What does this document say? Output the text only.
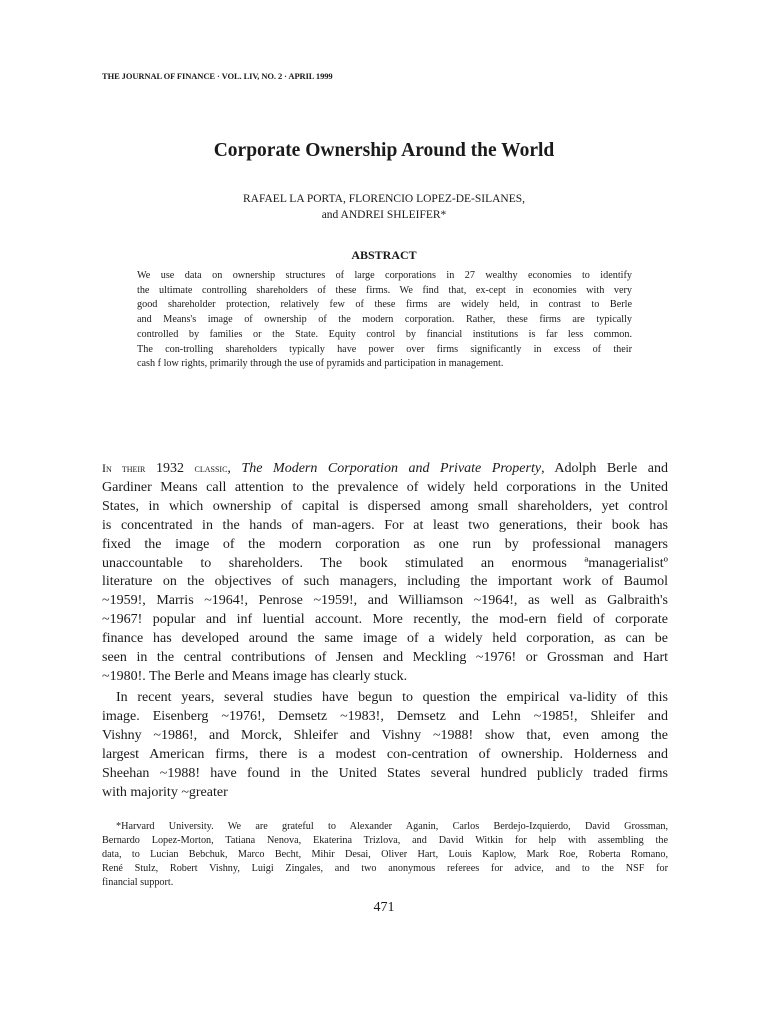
THE JOURNAL OF FINANCE · VOL. LIV, NO. 2 · APRIL 1999
Corporate Ownership Around the World
RAFAEL LA PORTA, FLORENCIO LOPEZ-DE-SILANES,
and ANDREI SHLEIFER*
ABSTRACT
We use data on ownership structures of large corporations in 27 wealthy economies to identify
the ultimate controlling shareholders of these firms. We find that, ex-cept in economies with very
good shareholder protection, relatively few of these firms are widely held, in contrast to Berle
and Means's image of ownership of the modern corporation. Rather, these firms are typically
controlled by families or the State. Equity control by financial institutions is far less common.
The con-trolling shareholders typically have power over firms significantly in excess of their
cash f low rights, primarily through the use of pyramids and participation in management.
In their 1932 classic, The Modern Corporation and Private Property, Adolph Berle and
Gardiner Means call attention to the prevalence of widely held corporations in the United
States, in which ownership of capital is dispersed among small shareholders, yet control
is concentrated in the hands of man-agers. For at least two generations, their book has
fixed the image of the modern corporation as one run by professional managers
unaccountable to shareholders. The book stimulated an enormous ªmanagerialistº
literature on the objectives of such managers, including the important work of Baumol
~1959!, Marris ~1964!, Penrose ~1959!, and Williamson ~1964!, as well as Galbraith's
~1967! popular and inf luential account. More recently, the mod-ern field of corporate
finance has developed around the same image of a widely held corporation, as can be
seen in the central contributions of Jensen and Meckling ~1976! or Grossman and Hart
~1980!. The Berle and Means image has clearly stuck.
In recent years, several studies have begun to question the empirical va-lidity of this
image. Eisenberg ~1976!, Demsetz ~1983!, Demsetz and Lehn ~1985!, Shleifer and
Vishny ~1986!, and Morck, Shleifer and Vishny ~1988! show that, even among the
largest American firms, there is a modest con-centration of ownership. Holderness and
Sheehan ~1988! have found in the United States several hundred publicly traded firms
with majority ~greater
*Harvard University. We are grateful to Alexander Aganin, Carlos Berdejo-Izquierdo, David Grossman,
Bernardo Lopez-Morton, Tatiana Nenova, Ekaterina Trizlova, and David Witkin for help with assembling the
data, to Lucian Bebchuk, Marco Becht, Mihir Desai, Oliver Hart, Louis Kaplow, Mark Roe, Roberta Romano,
René Stulz, Robert Vishny, Luigi Zingales, and two anonymous referees for advice, and to the NSF for
financial support.
471
